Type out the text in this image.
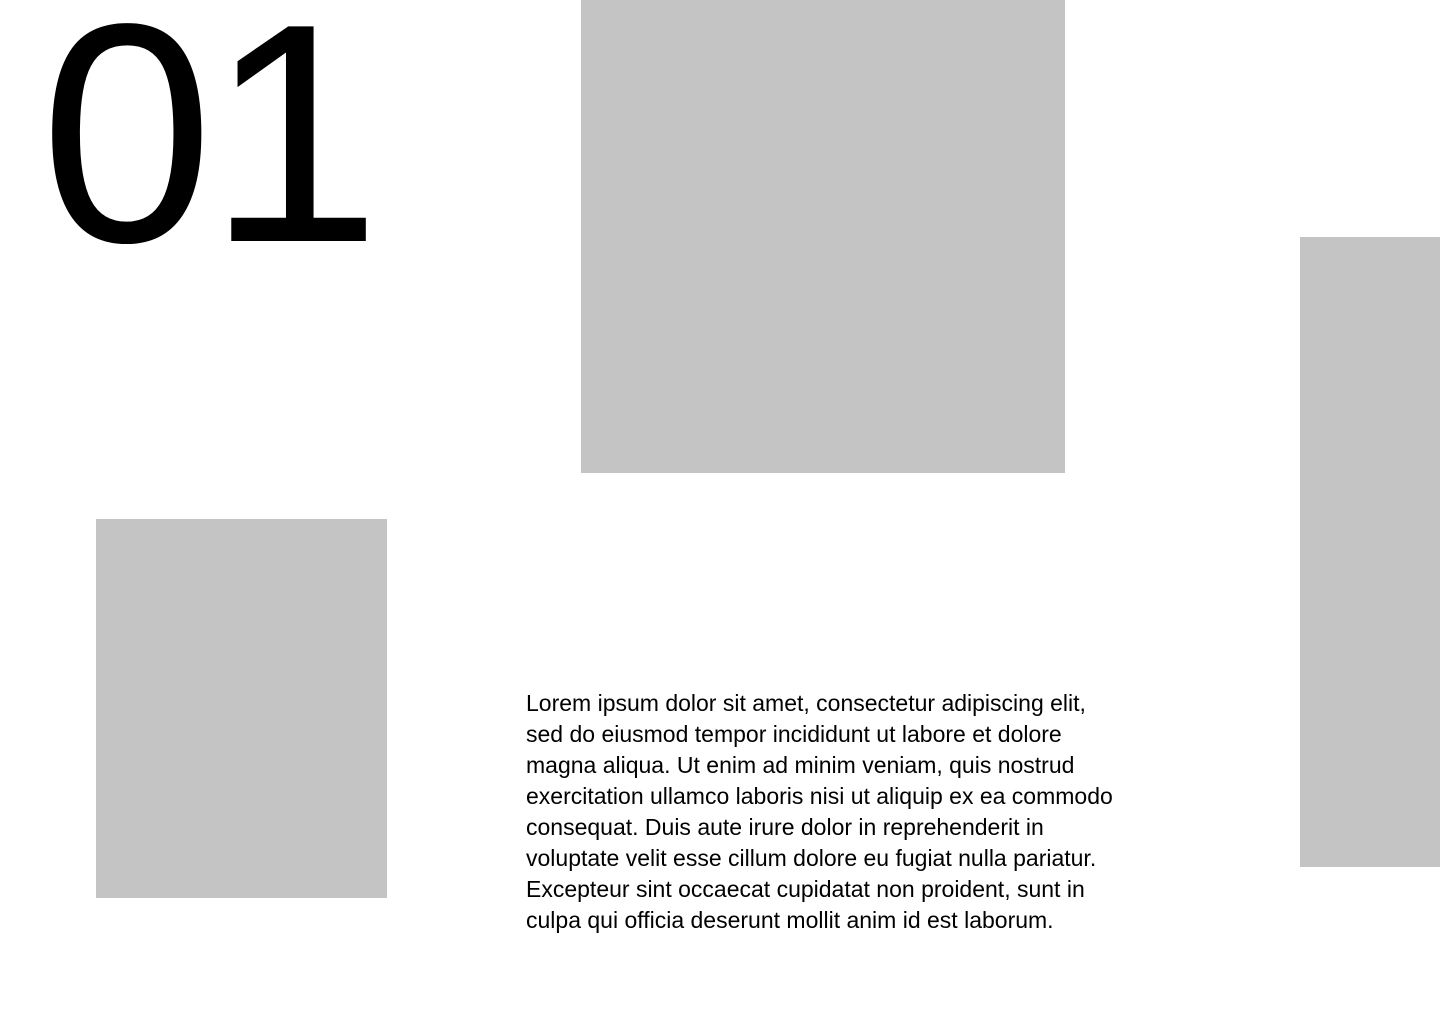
01

Lorem ipsum dolor sit amet, consectetur adipiscing elit, sed do eiusmod tempor incididunt ut labore et dolore magna aliqua. Ut enim ad minim veniam, quis nostrud exercitation ullamco laboris nisi ut aliquip ex ea commodo consequat. Duis aute irure dolor in reprehenderit in voluptate velit esse cillum dolore eu fugiat nulla pariatur. Excepteur sint occaecat cupidatat non proident, sunt in culpa qui officia deserunt mollit anim id est laborum.
